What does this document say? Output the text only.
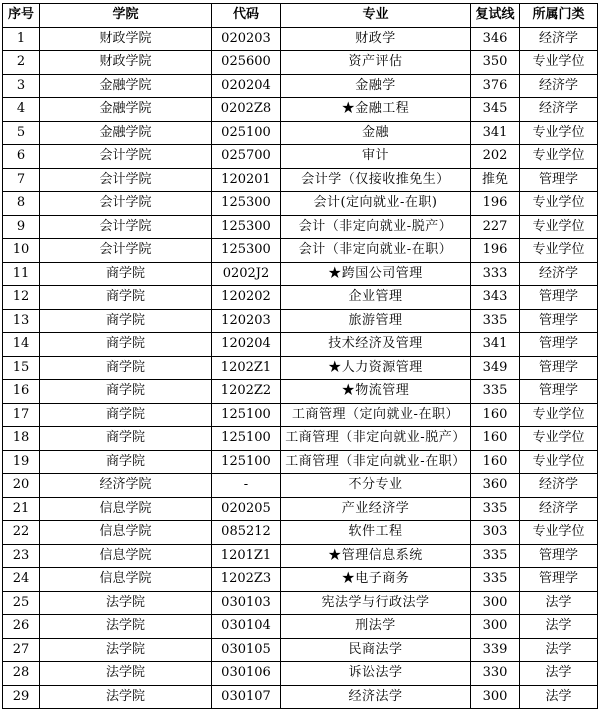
序号	学院	代码	专业	复试线	所属门类
1	财政学院	020203	财政学	346	经济学
2	财政学院	025600	资产评估	350	专业学位
3	金融学院	020204	金融学	376	经济学
4	金融学院	0202Z8	★金融工程	345	经济学
5	金融学院	025100	金融	341	专业学位
6	会计学院	025700	审计	202	专业学位
7	会计学院	120201	会计学（仅接收推免生）	推免	管理学
8	会计学院	125300	会计(定向就业-在职)	196	专业学位
9	会计学院	125300	会计（非定向就业-脱产）	227	专业学位
10	会计学院	125300	会计（非定向就业-在职）	196	专业学位
11	商学院	0202J2	★跨国公司管理	333	经济学
12	商学院	120202	企业管理	343	管理学
13	商学院	120203	旅游管理	335	管理学
14	商学院	120204	技术经济及管理	341	管理学
15	商学院	1202Z1	★人力资源管理	349	管理学
16	商学院	1202Z2	★物流管理	335	管理学
17	商学院	125100	工商管理（定向就业-在职）	160	专业学位
18	商学院	125100	工商管理（非定向就业-脱产）	160	专业学位
19	商学院	125100	工商管理（非定向就业-在职）	160	专业学位
20	经济学院	-	不分专业	360	经济学
21	信息学院	020205	产业经济学	335	经济学
22	信息学院	085212	软件工程	303	专业学位
23	信息学院	1201Z1	★管理信息系统	335	管理学
24	信息学院	1202Z3	★电子商务	335	管理学
25	法学院	030103	宪法学与行政法学	300	法学
26	法学院	030104	刑法学	300	法学
27	法学院	030105	民商法学	339	法学
28	法学院	030106	诉讼法学	330	法学
29	法学院	030107	经济法学	300	法学
